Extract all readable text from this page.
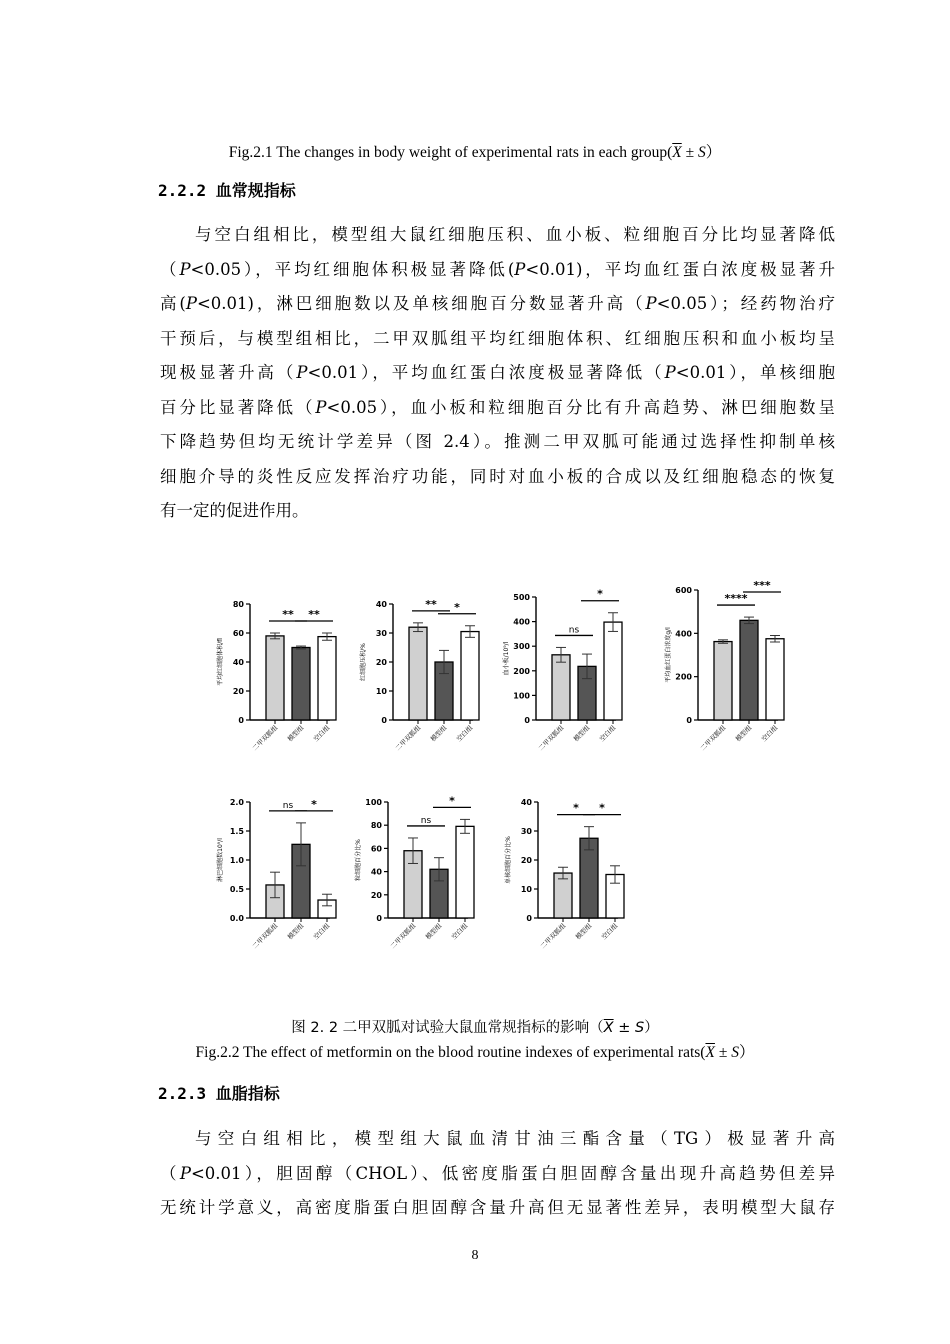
Fig.2.1 The changes in body weight of experimental rats in each $group(\overline{X} \pm S)$
2.2.2 血常规指标
与空白组相比，模型组大鼠红细胞压积、血小板、粒细胞百分比均显著降低
（P<0.05），平均红细胞体积极显著降低(P<0.01)，平均血红蛋白浓度极显著升
高(P<0.01)，淋巴细胞数以及单核细胞百分数显著升高（P<0.05）；经药物治疗
干预后，与模型组相比，二甲双胍组平均红细胞体积、红细胞压积和血小板均呈
现极显著升高（P<0.01），平均血红蛋白浓度极显著降低（P<0.01），单核细胞
百分比显著降低（P<0.05），血小板和粒细胞百分比有升高趋势、淋巴细胞数呈
下降趋势但均无统计学差异（图 2.4）。推测二甲双胍可能通过选择性抑制单核
细胞介导的炎性反应发挥治疗功能，同时对血小板的合成以及红细胞稳态的恢复
有一定的促进作用。
平均红细胞体积/fl
0
20
40
60
80
二甲双胍组 模型组 空白组
** **
红细胞压积/%
0
10
20
30
40
二甲双胍组 模型组 空白组
** *
血小板/10⁹/l
0
100
200
300
400
500
二甲双胍组 模型组 空白组
ns
*
平均血红蛋白浓度g/l
0
200
400
600
二甲双胍组 模型组 空白组
****
***
淋巴细胞数10⁹/l
0.0
0.5
1.0
1.5
2.0
二甲双胍组 模型组 空白组
ns *
粒细胞百分比%
0
20
40
60
80
100
二甲双胍组 模型组 空白组
ns
*
单核细胞百分比%
0
10
20
30
40
二甲双胍组 模型组 空白组
* *
图 2. 2 二甲双胍对试验大鼠血常规指标的影响$(\overline{X} \pm S)$
Fig.2.2 The effect of metformin on the blood routine indexes of experimental $rats(\overline{X} \pm S)$
2.2.3 血脂指标
与空白组相比，模型组大鼠血清甘油三酯含量（TG）极显著升高
（P<0.01），胆固醇（CHOL）、低密度脂蛋白胆固醇含量出现升高趋势但差异
无统计学意义，高密度脂蛋白胆固醇含量升高但无显著性差异，表明模型大鼠存
8
